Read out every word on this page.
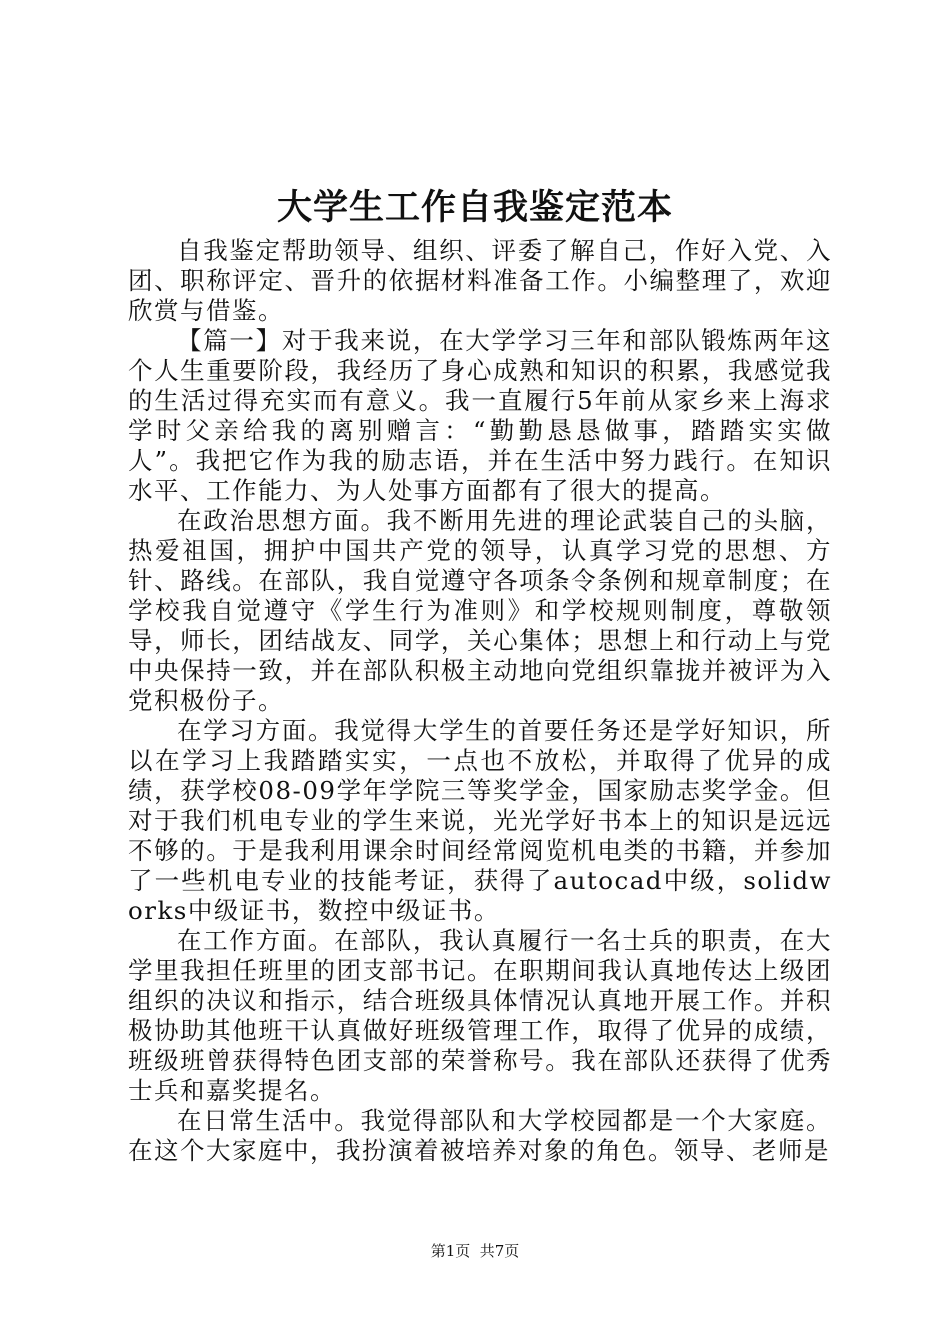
大学生工作自我鉴定范本

自我鉴定帮助领导、组织、评委了解自己，作好入党、入团、职称评定、晋升的依据材料准备工作。小编整理了，欢迎欣赏与借鉴。

【篇一】对于我来说，在大学学习三年和部队锻炼两年这个人生重要阶段，我经历了身心成熟和知识的积累，我感觉我的生活过得充实而有意义。我一直履行5年前从家乡来上海求学时父亲给我的离别赠言：“勤勤恳恳做事，踏踏实实做人”。我把它作为我的励志语，并在生活中努力践行。在知识水平、工作能力、为人处事方面都有了很大的提高。

在政治思想方面。我不断用先进的理论武装自己的头脑，热爱祖国，拥护中国共产党的领导，认真学习党的思想、方针、路线。在部队，我自觉遵守各项条令条例和规章制度；在学校我自觉遵守《学生行为准则》和学校规则制度，尊敬领导，师长，团结战友、同学，关心集体；思想上和行动上与党中央保持一致，并在部队积极主动地向党组织靠拢并被评为入党积极份子。

在学习方面。我觉得大学生的首要任务还是学好知识，所以在学习上我踏踏实实，一点也不放松，并取得了优异的成绩，获学校08-09学年学院三等奖学金，国家励志奖学金。但对于我们机电专业的学生来说，光光学好书本上的知识是远远不够的。于是我利用课余时间经常阅览机电类的书籍，并参加了一些机电专业的技能考证，获得了autocad中级，solidworks中级证书，数控中级证书。

在工作方面。在部队，我认真履行一名士兵的职责，在大学里我担任班里的团支部书记。在职期间我认真地传达上级团组织的决议和指示，结合班级具体情况认真地开展工作。并积极协助其他班干认真做好班级管理工作，取得了优异的成绩，班级班曾获得特色团支部的荣誉称号。我在部队还获得了优秀士兵和嘉奖提名。

在日常生活中。我觉得部队和大学校园都是一个大家庭。在这个大家庭中，我扮演着被培养对象的角色。领导、老师是

第1页  共7页
